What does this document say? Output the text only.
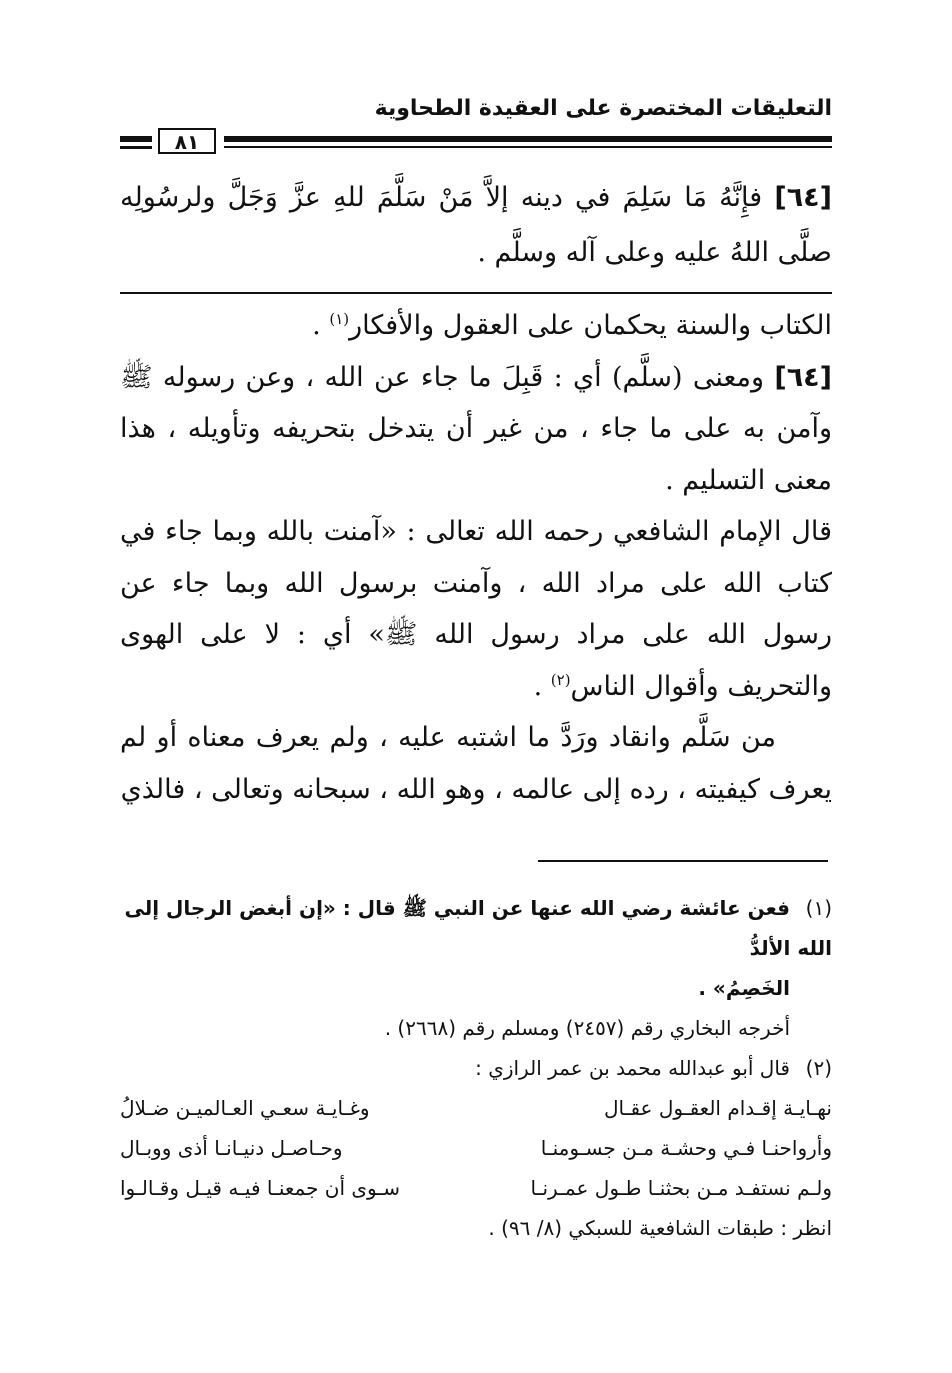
التعليقات المختصرة على العقيدة الطحاوية
٨١

[٦٤] فإِنَّهُ مَا سَلِمَ في دينه إلاَّ مَنْ سَلَّمَ للهِ عزَّ وَجَلَّ ولرسُولِه صلَّى اللهُ عليه وعلى آله وسلَّم .

الكتاب والسنة يحكمان على العقول والأفكار$^{(١)}$ .

[٦٤] ومعنى (سلَّم) أي : قَبِلَ ما جاء عن الله ، وعن رسوله ﷺ وآمن به على ما جاء ، من غير أن يتدخل بتحريفه وتأويله ، هذا معنى التسليم .

قال الإمام الشافعي رحمه الله تعالى : «آمنت بالله وبما جاء في كتاب الله على مراد الله ، وآمنت برسول الله وبما جاء عن رسول الله على مراد رسول الله ﷺ» أي : لا على الهوى والتحريف وأقوال الناس$^{(٢)}$ .

من سَلَّم وانقاد ورَدَّ ما اشتبه عليه ، ولم يعرف معناه أو لم يعرف كيفيته ، رده إلى عالمه ، وهو الله ، سبحانه وتعالى ، فالذي

(١)فعن عائشة رضي الله عنها عن النبي ﷺ قال : «إن أبغض الرجال إلى الله الألدُّ

الخَصِمُ» .

أخرجه البخاري رقم (٢٤٥٧) ومسلم رقم (٢٦٦٨) .

(٢)قال أبو عبدالله محمد بن عمر الرازي :

نهـايـة إقـدام العقـول عقـال
وغـايـة سعـي العـالميـن ضـلالُ
وأرواحنـا فـي وحشـة مـن جسـومنـا
وحـاصـل دنيـانـا أذى ووبـال
ولـم نستفـد مـن بحثنـا طـول عمـرنـا
سـوى أن جمعنـا فيـه قيـل وقـالـوا

انظر : طبقات الشافعية للسبكي (٨/ ٩٦) .
